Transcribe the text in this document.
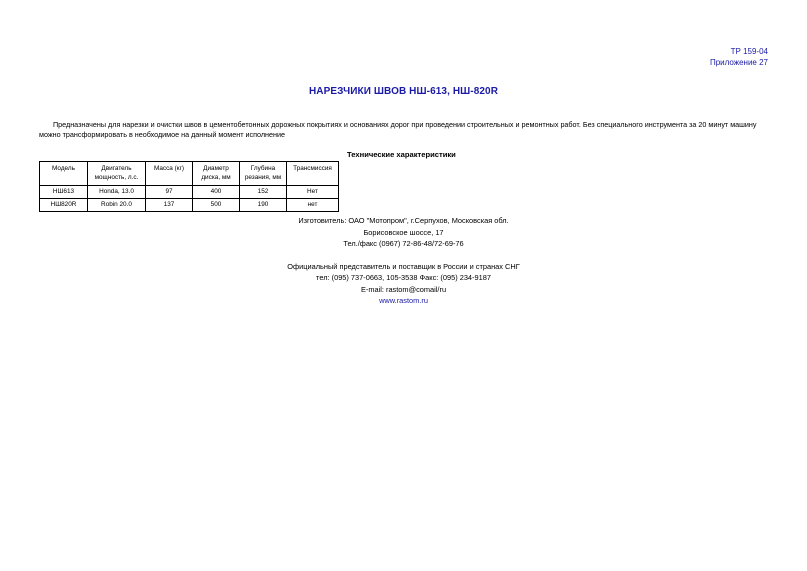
ТР 159-04
Приложение 27
НАРЕЗЧИКИ ШВОВ НШ-613, НШ-820R
Предназначены для нарезки и очистки швов в цементобетонных дорожных покрытиях и основаниях дорог при проведении строительных и ремонтных работ. Без специального инструмента за 20 минут машину можно трансформировать в необходимое на данный момент исполнение
Технические характеристики
Модель	Двигатель мощность, л.с.	Масса (кг)	Диаметр диска, мм	Глубина резания, мм	Трансмиссия
НШ613	Honda, 13.0	97	400	152	Нет
НШ820R	Robin 20.0	137	500	190	нет
Изготовитель: ОАО "Мотопром", г.Серпухов, Московская обл.
Борисовское шоссе, 17
Тел./факс (0967) 72-86-48/72-69-76
Официальный представитель и поставщик в России и странах СНГ
тел: (095) 737-0663, 105-3538 Факс: (095) 234-9187
E-mail: rastom@comail/ru
www.rastom.ru
